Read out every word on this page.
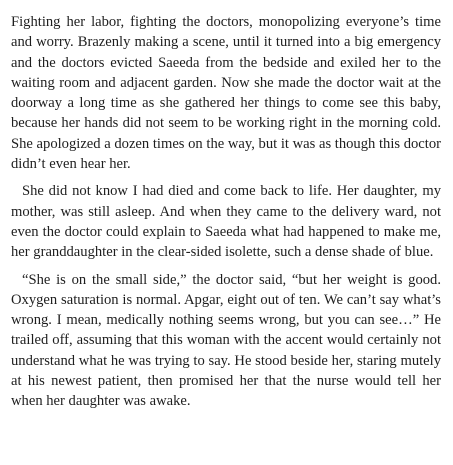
Fighting her labor, fighting the doctors, monopolizing everyone’s time and worry. Brazenly making a scene, until it turned into a big emergency and the doctors evicted Saeeda from the bedside and exiled her to the waiting room and adjacent garden. Now she made the doctor wait at the doorway a long time as she gathered her things to come see this baby, because her hands did not seem to be working right in the morning cold. She apologized a dozen times on the way, but it was as though this doctor didn’t even hear her.

She did not know I had died and come back to life. Her daughter, my mother, was still asleep. And when they came to the delivery ward, not even the doctor could explain to Saeeda what had happened to make me, her granddaughter in the clear-sided isolette, such a dense shade of blue.

“She is on the small side,” the doctor said, “but her weight is good. Oxygen saturation is normal. Apgar, eight out of ten. We can’t say what’s wrong. I mean, medically nothing seems wrong, but you can see…” He trailed off, assuming that this woman with the accent would certainly not understand what he was trying to say. He stood beside her, staring mutely at his newest patient, then promised her that the nurse would tell her when her daughter was awake.
